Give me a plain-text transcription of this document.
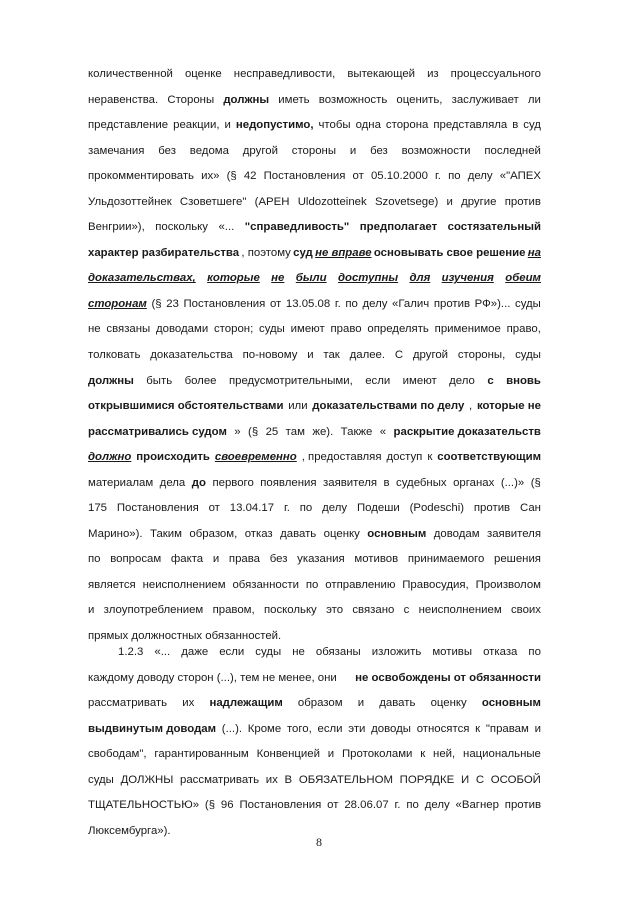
количественной оценке несправедливости, вытекающей из процессуального
неравенства. Стороны должны иметь возможность оценить, заслуживает ли
представление реакции, и недопустимо, чтобы одна сторона представляла в суд
замечания без ведома другой стороны и без возможности последней
прокомментировать их» (§ 42 Постановления от 05.10.2000 г. по делу «"АПЕХ
Ульдозоттейнек Сзоветшеге" (APEH Uldozotteinek Szovetsege) и другие против
Венгрии»), поскольку «... "справедливость" предполагает состязательный
характер разбирательства , поэтому суд не вправе основывать свое решение на
доказательствах, которые не были доступны для изучения обеим
сторонам (§ 23 Постановления от 13.05.08 г. по делу «Галич против РФ»)... суды
не связаны доводами сторон; суды имеют право определять применимое право,
толковать доказательства по-новому и так далее. С другой стороны, суды
должны быть более предусмотрительными, если имеют дело с вновь
открывшимися обстоятельствами или доказательствами по делу , которые не
рассматривались судом » (§ 25 там же). Также « раскрытие доказательств
должно происходить своевременно , предоставляя доступ к соответствующим
материалам дела до первого появления заявителя в судебных органах (...)» (§
175 Постановления от 13.04.17 г. по делу Подеши (Podeschi) против Сан
Марино»). Таким образом, отказ давать оценку основным доводам заявителя
по вопросам факта и права без указания мотивов принимаемого решения
является неисполнением обязанности по отправлению Правосудия, Произволом
и злоупотреблением правом, поскольку это связано с неисполнением своих
прямых должностных обязанностей.
1.2.3 «... даже если суды не обязаны изложить мотивы отказа по
каждому доводу сторон (...), тем не менее, они не освобождены от обязанности
рассматривать их надлежащим образом и давать оценку основным
выдвинутым доводам (...). Кроме того, если эти доводы относятся к "правам и
свободам", гарантированным Конвенцией и Протоколами к ней, национальные
суды ДОЛЖНЫ рассматривать их В ОБЯЗАТЕЛЬНОМ ПОРЯДКЕ И С ОСОБОЙ
ТЩАТЕЛЬНОСТЬЮ» (§ 96 Постановления от 28.06.07 г. по делу «Вагнер против
Люксембурга»).
8
